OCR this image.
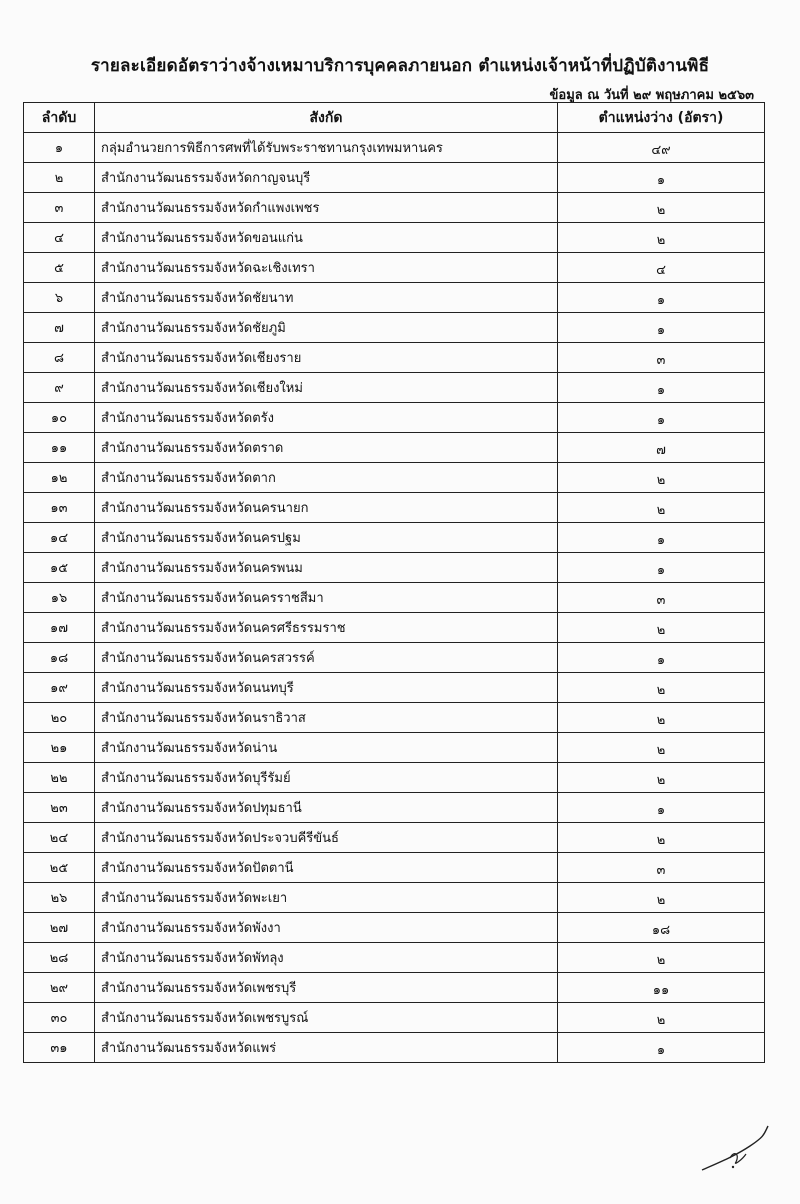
รายละเอียดอัตราว่างจ้างเหมาบริการบุคคลภายนอก ตำแหน่งเจ้าหน้าที่ปฏิบัติงานพิธี
ข้อมูล ณ วันที่ ๒๙ พฤษภาคม ๒๕๖๓
ลำดับ	สังกัด	ตำแหน่งว่าง (อัตรา)
๑	กลุ่มอำนวยการพิธีการศพที่ได้รับพระราชทานกรุงเทพมหานคร	๔๙
๒	สำนักงานวัฒนธรรมจังหวัดกาญจนบุรี	๑
๓	สำนักงานวัฒนธรรมจังหวัดกำแพงเพชร	๒
๔	สำนักงานวัฒนธรรมจังหวัดขอนแก่น	๒
๕	สำนักงานวัฒนธรรมจังหวัดฉะเชิงเทรา	๔
๖	สำนักงานวัฒนธรรมจังหวัดชัยนาท	๑
๗	สำนักงานวัฒนธรรมจังหวัดชัยภูมิ	๑
๘	สำนักงานวัฒนธรรมจังหวัดเชียงราย	๓
๙	สำนักงานวัฒนธรรมจังหวัดเชียงใหม่	๑
๑๐	สำนักงานวัฒนธรรมจังหวัดตรัง	๑
๑๑	สำนักงานวัฒนธรรมจังหวัดตราด	๗
๑๒	สำนักงานวัฒนธรรมจังหวัดตาก	๒
๑๓	สำนักงานวัฒนธรรมจังหวัดนครนายก	๒
๑๔	สำนักงานวัฒนธรรมจังหวัดนครปฐม	๑
๑๕	สำนักงานวัฒนธรรมจังหวัดนครพนม	๑
๑๖	สำนักงานวัฒนธรรมจังหวัดนครราชสีมา	๓
๑๗	สำนักงานวัฒนธรรมจังหวัดนครศรีธรรมราช	๒
๑๘	สำนักงานวัฒนธรรมจังหวัดนครสวรรค์	๑
๑๙	สำนักงานวัฒนธรรมจังหวัดนนทบุรี	๒
๒๐	สำนักงานวัฒนธรรมจังหวัดนราธิวาส	๒
๒๑	สำนักงานวัฒนธรรมจังหวัดน่าน	๒
๒๒	สำนักงานวัฒนธรรมจังหวัดบุรีรัมย์	๒
๒๓	สำนักงานวัฒนธรรมจังหวัดปทุมธานี	๑
๒๔	สำนักงานวัฒนธรรมจังหวัดประจวบคีรีขันธ์	๒
๒๕	สำนักงานวัฒนธรรมจังหวัดปัตตานี	๓
๒๖	สำนักงานวัฒนธรรมจังหวัดพะเยา	๒
๒๗	สำนักงานวัฒนธรรมจังหวัดพังงา	๑๘
๒๘	สำนักงานวัฒนธรรมจังหวัดพัทลุง	๒
๒๙	สำนักงานวัฒนธรรมจังหวัดเพชรบุรี	๑๑
๓๐	สำนักงานวัฒนธรรมจังหวัดเพชรบูรณ์	๒
๓๑	สำนักงานวัฒนธรรมจังหวัดแพร่	๑
